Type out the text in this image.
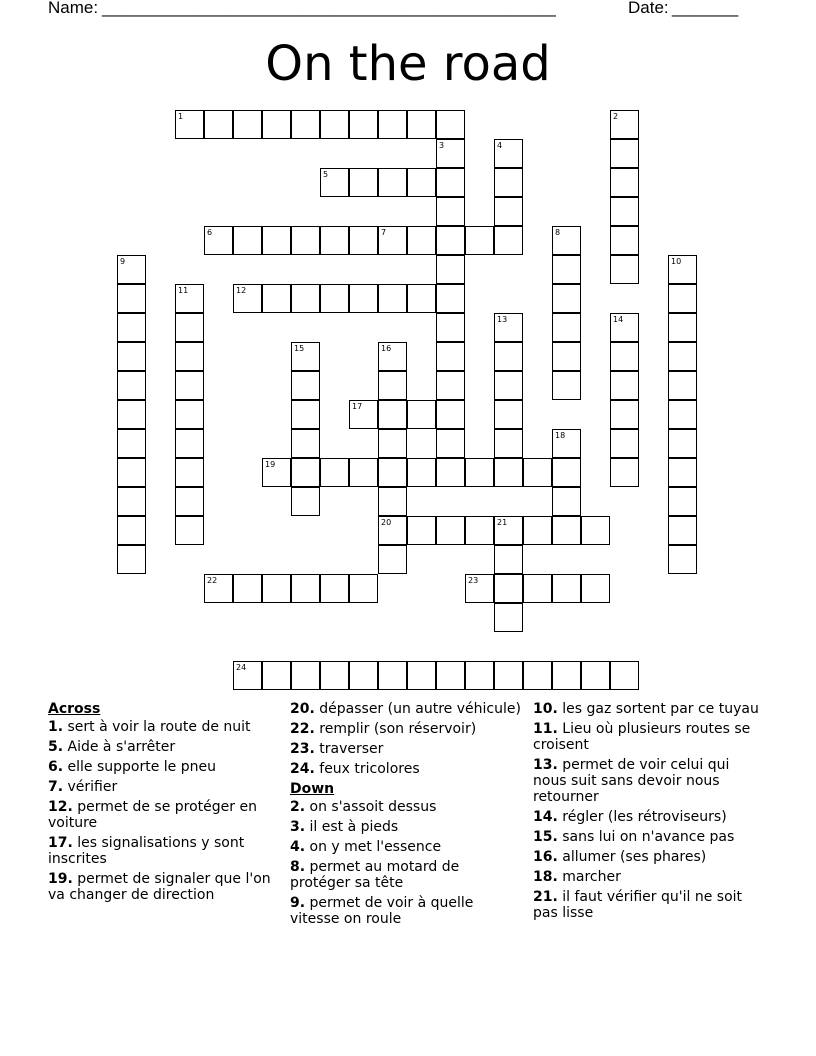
Name: ________________________________________________	Date: _______
On the road
1
5
6	7
12
17
19
20	21
22	23
24
2
3	4
8
9	10
11
13	14
15	16
18
Across
1. sert à voir la route de nuit
5. Aide à s'arrêter
6. elle supporte le pneu
7. vérifier
12. permet de se protéger en voiture
17. les signalisations y sont inscrites
19. permet de signaler que l'on va changer de direction
20. dépasser (un autre véhicule)
22. remplir (son réservoir)
23. traverser
24. feux tricolores
Down
2. on s'assoit dessus
3. il est à pieds
4. on y met l'essence
8. permet au motard de protéger sa tête
9. permet de voir à quelle vitesse on roule
10. les gaz sortent par ce tuyau
11. Lieu où plusieurs routes se croisent
13. permet de voir celui qui nous suit sans devoir nous retourner
14. régler (les rétroviseurs)
15. sans lui on n'avance pas
16. allumer (ses phares)
18. marcher
21. il faut vérifier qu'il ne soit pas lisse
